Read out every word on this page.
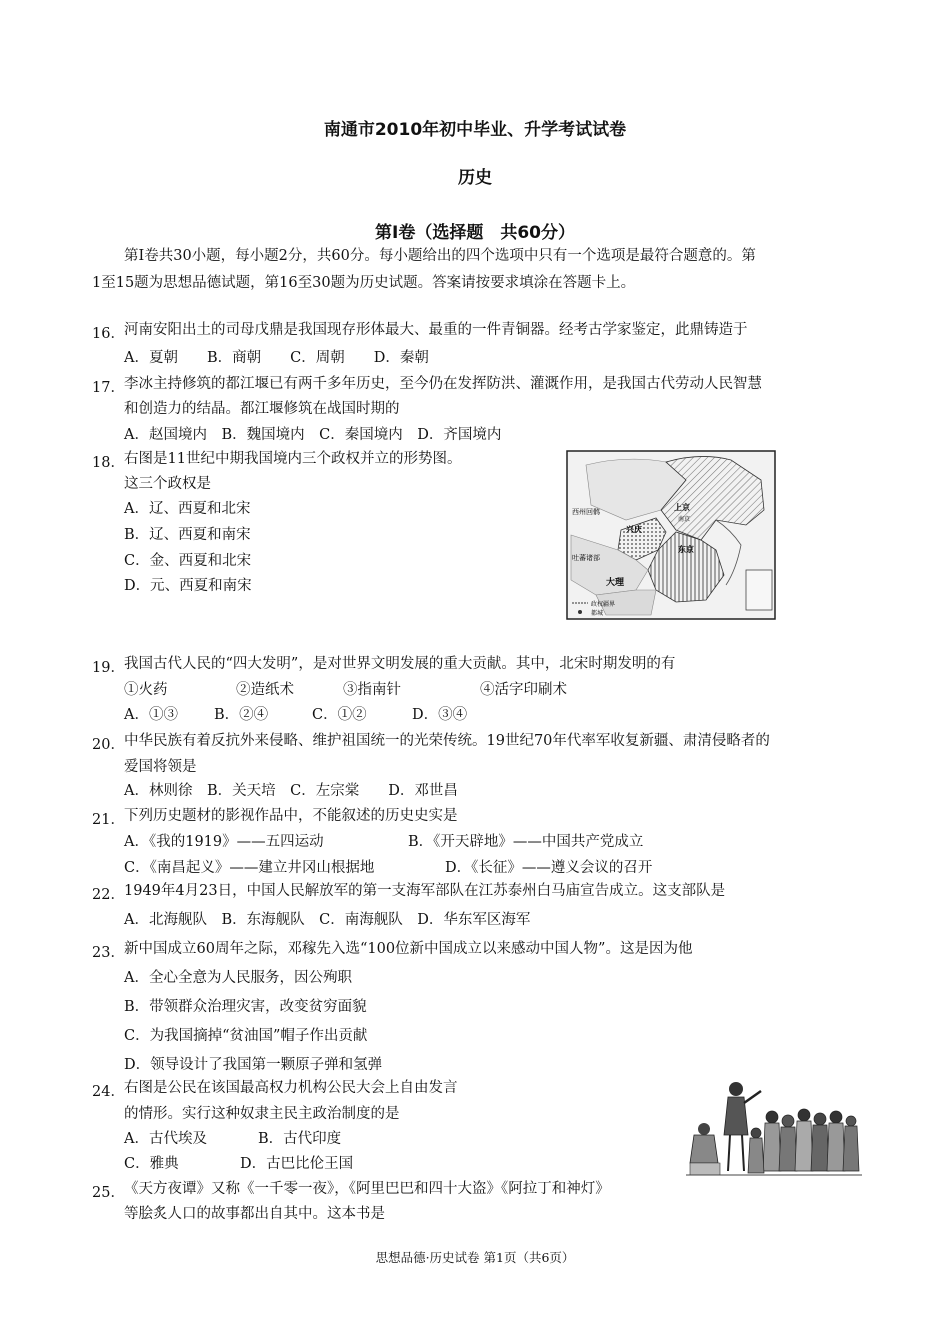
南通市2010年初中毕业、升学考试试卷
历史
第Ⅰ卷（选择题　共60分）
第Ⅰ卷共30小题，每小题2分，共60分。每小题给出的四个选项中只有一个选项是最符合题意的。第
1至15题为思想品德试题，第16至30题为历史试题。答案请按要求填涂在答题卡上。
16． 河南安阳出土的司母戊鼎是我国现存形体最大、最重的一件青铜器。经考古学家鉴定，此鼎铸造于
A．夏朝　　B．商朝　　C．周朝　　D．秦朝
17． 李冰主持修筑的都江堰已有两千多年历史，至今仍在发挥防洪、灌溉作用，是我国古代劳动人民智慧
和创造力的结晶。都江堰修筑在战国时期的
A．赵国境内　B．魏国境内　C．秦国境内　D．齐国境内
18． 右图是11世纪中期我国境内三个政权并立的形势图。
这三个政权是
A．辽、西夏和北宋
B．辽、西夏和南宋
C．金、西夏和北宋
D．元、西夏和南宋
西州回鹘	上京
南京
兴庆
东京
吐蕃诸部
大理
政权疆界
都城
19． 我国古代人民的“四大发明”，是对世界文明发展的重大贡献。其中，北宋时期发明的有
①火药	②造纸术	③指南针	④活字印刷术
A．①③ B．②④	C．①②	D．③④
20． 中华民族有着反抗外来侵略、维护祖国统一的光荣传统。19世纪70年代率军收复新疆、肃清侵略者的
爱国将领是
A．林则徐　B．关天培　C．左宗棠　　D．邓世昌
21． 下列历史题材的影视作品中，不能叙述的历史史实是
A．《我的1919》——五四运动	B．《开天辟地》——中国共产党成立
C．《南昌起义》——建立井冈山根据地	D．《长征》——遵义会议的召开
22． 1949年4月23日，中国人民解放军的第一支海军部队在江苏泰州白马庙宣告成立。这支部队是
A．北海舰队　B．东海舰队　C．南海舰队　D．华东军区海军
23． 新中国成立60周年之际，邓稼先入选“100位新中国成立以来感动中国人物”。这是因为他
A．全心全意为人民服务，因公殉职
B．带领群众治理灾害，改变贫穷面貌
C．为我国摘掉“贫油国”帽子作出贡献
D．领导设计了我国第一颗原子弹和氢弹
24． 右图是公民在该国最高权力机构公民大会上自由发言
的情形。实行这种奴隶主民主政治制度的是
A．古代埃及	B．古代印度
C．雅典	D．古巴比伦王国
25． 《天方夜谭》又称《一千零一夜》，《阿里巴巴和四十大盗》《阿拉丁和神灯》
等脍炙人口的故事都出自其中。这本书是
思想品德·历史试卷 第1页（共6页）
